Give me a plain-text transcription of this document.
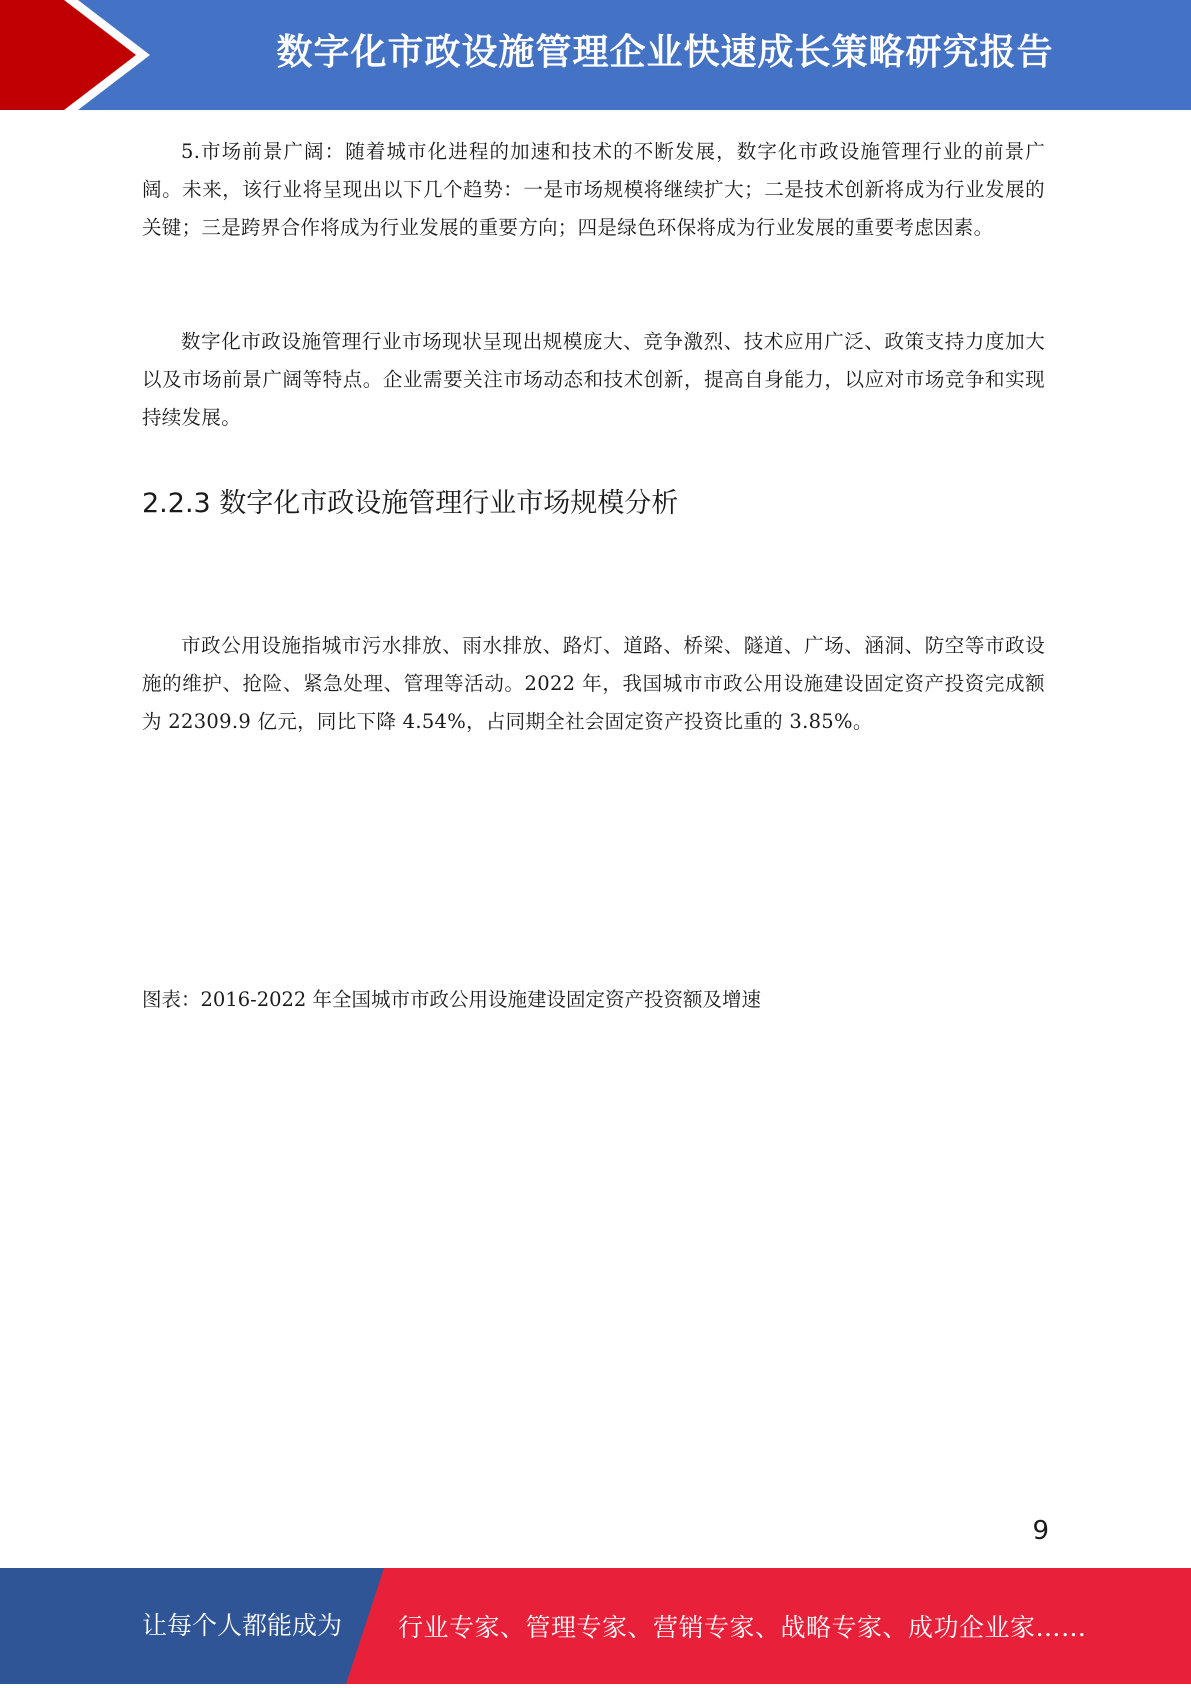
数字化市政设施管理企业快速成长策略研究报告

5.市场前景广阔：随着城市化进程的加速和技术的不断发展，数字化市政设施管理行业的前景广阔。未来，该行业将呈现出以下几个趋势：一是市场规模将继续扩大；二是技术创新将成为行业发展的关键；三是跨界合作将成为行业发展的重要方向；四是绿色环保将成为行业发展的重要考虑因素。

数字化市政设施管理行业市场现状呈现出规模庞大、竞争激烈、技术应用广泛、政策支持力度加大以及市场前景广阔等特点。企业需要关注市场动态和技术创新，提高自身能力，以应对市场竞争和实现持续发展。

2.2.3 数字化市政设施管理行业市场规模分析

市政公用设施指城市污水排放、雨水排放、路灯、道路、桥梁、隧道、广场、涵洞、防空等市政设施的维护、抢险、紧急处理、管理等活动。2022 年，我国城市市政公用设施建设固定资产投资完成额为 22309.9 亿元，同比下降 4.54%，占同期全社会固定资产投资比重的 3.85%。

图表：2016-2022 年全国城市市政公用设施建设固定资产投资额及增速

9
让每个人都能成为 行业专家、管理专家、营销专家、战略专家、成功企业家……
